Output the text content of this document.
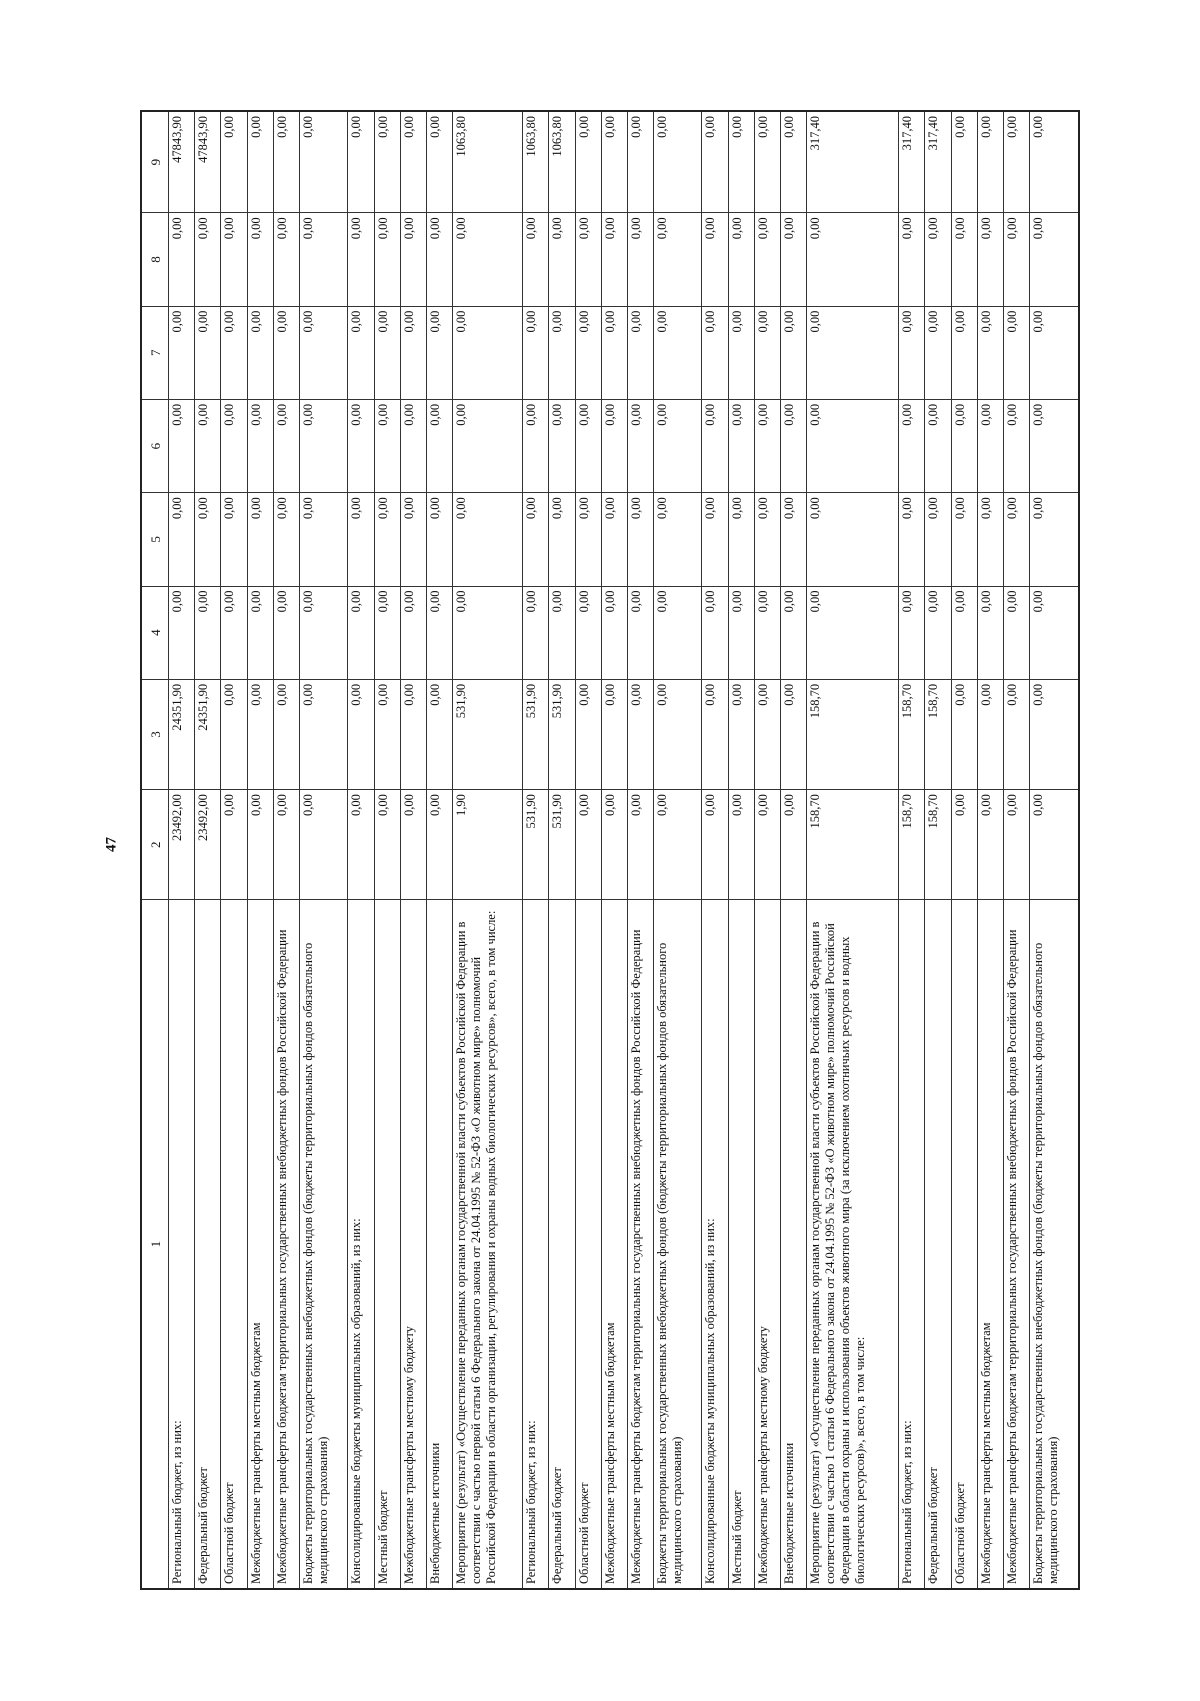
47
1	2	3	4	5	6	7	8	9
Региональный бюджет, из них:	23492,00	24351,90	0,00	0,00	0,00	0,00	0,00	47843,90
Федеральный бюджет	23492,00	24351,90	0,00	0,00	0,00	0,00	0,00	47843,90
Областной бюджет	0,00	0,00	0,00	0,00	0,00	0,00	0,00	0,00
Межбюджетные трансферты местным бюджетам	0,00	0,00	0,00	0,00	0,00	0,00	0,00	0,00
Межбюджетные трансферты бюджетам территориальных государственных внебюджетных фондов Российской Федерации	0,00	0,00	0,00	0,00	0,00	0,00	0,00	0,00
Бюджеты территориальных государственных внебюджетных фондов (бюджеты территориальных фондов обязательного медицинского страхования)	0,00	0,00	0,00	0,00	0,00	0,00	0,00	0,00
Консолидированные бюджеты муниципальных образований, из них:	0,00	0,00	0,00	0,00	0,00	0,00	0,00	0,00
Местный бюджет	0,00	0,00	0,00	0,00	0,00	0,00	0,00	0,00
Межбюджетные трансферты местному бюджету	0,00	0,00	0,00	0,00	0,00	0,00	0,00	0,00
Внебюджетные источники	0,00	0,00	0,00	0,00	0,00	0,00	0,00	0,00
Мероприятие (результат) «Осуществление переданных органам государственной власти субъектов Российской Федерации в соответствии с частью первой статьи 6 Федерального закона от 24.04.1995 № 52-ФЗ «О животном мире» полномочий Российской Федерации в области организации, регулирования и охраны водных биологических ресурсов», всего, в том числе:	1,90	531,90	0,00	0,00	0,00	0,00	0,00	1063,80
Региональный бюджет, из них:	531,90	531,90	0,00	0,00	0,00	0,00	0,00	1063,80
Федеральный бюджет	531,90	531,90	0,00	0,00	0,00	0,00	0,00	1063,80
Областной бюджет	0,00	0,00	0,00	0,00	0,00	0,00	0,00	0,00
Межбюджетные трансферты местным бюджетам	0,00	0,00	0,00	0,00	0,00	0,00	0,00	0,00
Межбюджетные трансферты бюджетам территориальных государственных внебюджетных фондов Российской Федерации	0,00	0,00	0,00	0,00	0,00	0,00	0,00	0,00
Бюджеты территориальных государственных внебюджетных фондов (бюджеты территориальных фондов обязательного медицинского страхования)	0,00	0,00	0,00	0,00	0,00	0,00	0,00	0,00
Консолидированные бюджеты муниципальных образований, из них:	0,00	0,00	0,00	0,00	0,00	0,00	0,00	0,00
Местный бюджет	0,00	0,00	0,00	0,00	0,00	0,00	0,00	0,00
Межбюджетные трансферты местному бюджету	0,00	0,00	0,00	0,00	0,00	0,00	0,00	0,00
Внебюджетные источники	0,00	0,00	0,00	0,00	0,00	0,00	0,00	0,00
Мероприятие (результат) «Осуществление переданных органам государственной власти субъектов Российской Федерации в соответствии с частью 1 статьи 6 Федерального закона от 24.04.1995 № 52-ФЗ «О животном мире» полномочий Российской Федерации в области охраны и использования объектов животного мира (за исключением охотничьих ресурсов и водных биологических ресурсов)», всего, в том числе:	158,70	158,70	0,00	0,00	0,00	0,00	0,00	317,40
Региональный бюджет, из них:	158,70	158,70	0,00	0,00	0,00	0,00	0,00	317,40
Федеральный бюджет	158,70	158,70	0,00	0,00	0,00	0,00	0,00	317,40
Областной бюджет	0,00	0,00	0,00	0,00	0,00	0,00	0,00	0,00
Межбюджетные трансферты местным бюджетам	0,00	0,00	0,00	0,00	0,00	0,00	0,00	0,00
Межбюджетные трансферты бюджетам территориальных государственных внебюджетных фондов Российской Федерации	0,00	0,00	0,00	0,00	0,00	0,00	0,00	0,00
Бюджеты территориальных государственных внебюджетных фондов (бюджеты территориальных фондов обязательного медицинского страхования)	0,00	0,00	0,00	0,00	0,00	0,00	0,00	0,00
